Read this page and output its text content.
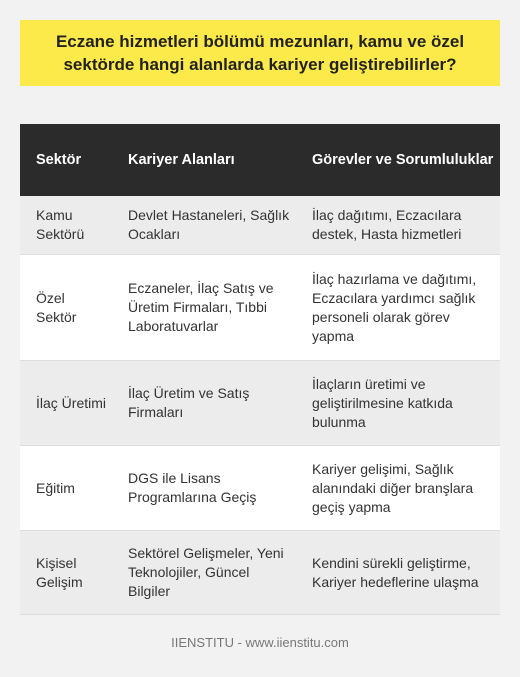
Eczane hizmetleri bölümü mezunları, kamu ve özel sektörde hangi alanlarda kariyer geliştirebilirler?
Sektör	Kariyer Alanları	Görevler ve Sorumluluklar
Kamu Sektörü
Devlet Hastaneleri, Sağlık Ocakları
İlaç dağıtımı, Eczacılara destek, Hasta hizmetleri
Özel Sektör
Eczaneler, İlaç Satış ve Üretim Firmaları, Tıbbi Laboratuvarlar
İlaç hazırlama ve dağıtımı, Eczacılara yardımcı sağlık personeli olarak görev yapma
İlaç Üretimi
İlaç Üretim ve Satış Firmaları
İlaçların üretimi ve geliştirilmesine katkıda bulunma
Eğitim
DGS ile Lisans Programlarına Geçiş
Kariyer gelişimi, Sağlık alanındaki diğer branşlara geçiş yapma
Kişisel Gelişim
Sektörel Gelişmeler, Yeni Teknolojiler, Güncel Bilgiler
Kendini sürekli geliştirme, Kariyer hedeflerine ulaşma
IIENSTITU - www.iienstitu.com
